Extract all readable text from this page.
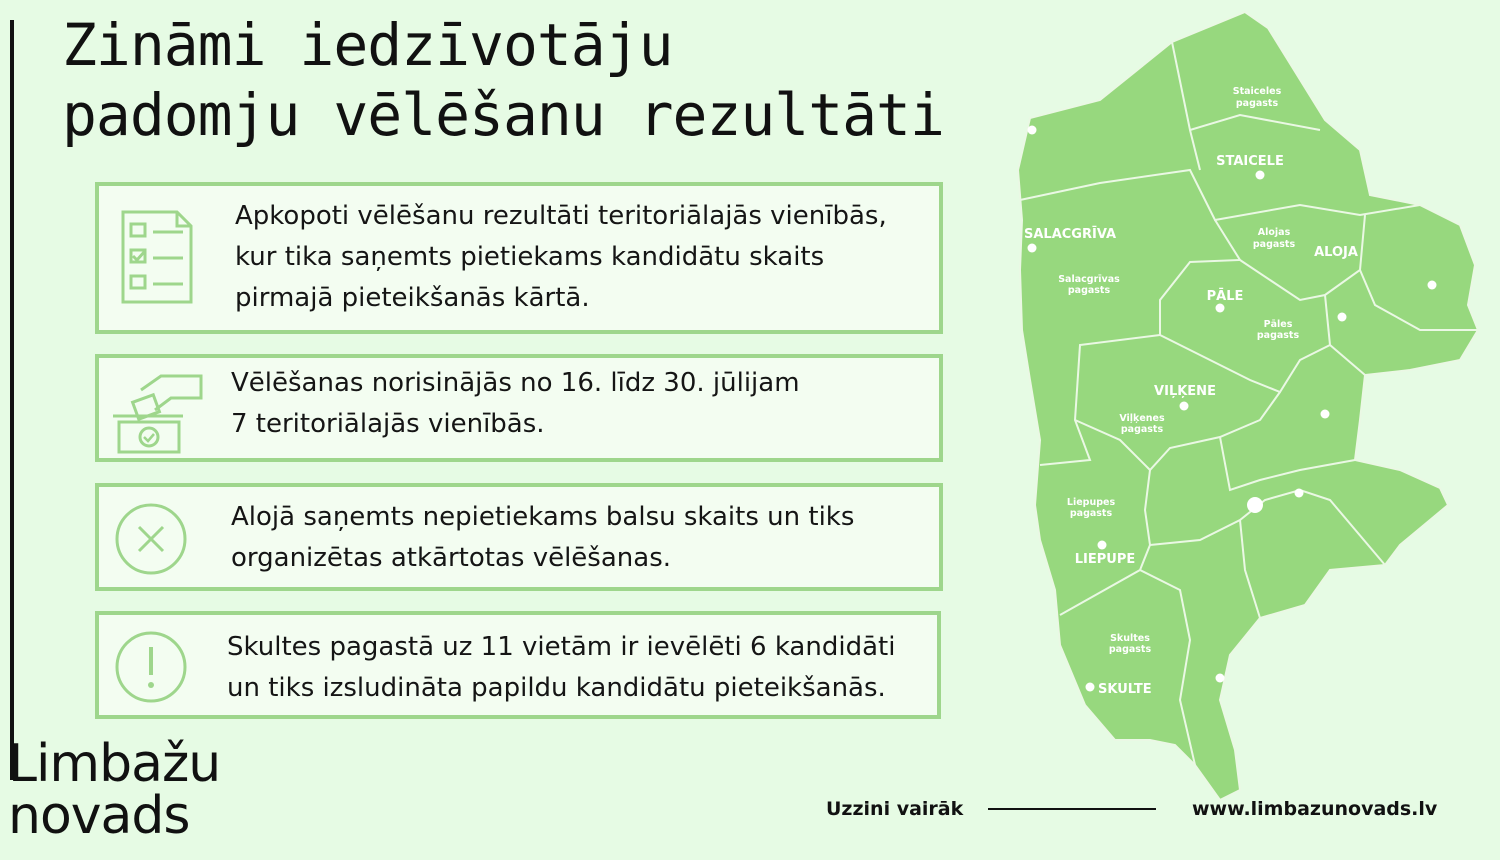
Zināmi iedzīvotāju
padomju vēlēšanu rezultāti
Apkopoti vēlēšanu rezultāti teritoriālajās vienībās,
kur tika saņemts pietiekams kandidātu skaits
pirmajā pieteikšanās kārtā.
Vēlēšanas norisinājās no 16. līdz 30. jūlijam
7 teritoriālajās vienībās.
Alojā saņemts nepietiekams balsu skaits un tiks
organizētas atkārtotas vēlēšanas.
Skultes pagastā uz 11 vietām ir ievēlēti 6 kandidāti
un tiks izsludināta papildu kandidātu pieteikšanās.
Limbažu
novads	Uzzini vairāk	www.limbazunovads.lv
Staiceles
pagasts
STAICELE
SALACGRĪVA	Alojas
pagasts
ALOJA
Salacgrīvas
pagasts	PĀLE
Pāles
pagasts
VIĻĶENE
Viļķenes
pagasts
Liepupes
pagasts
LIEPUPE
Skultes
pagasts
SKULTE
